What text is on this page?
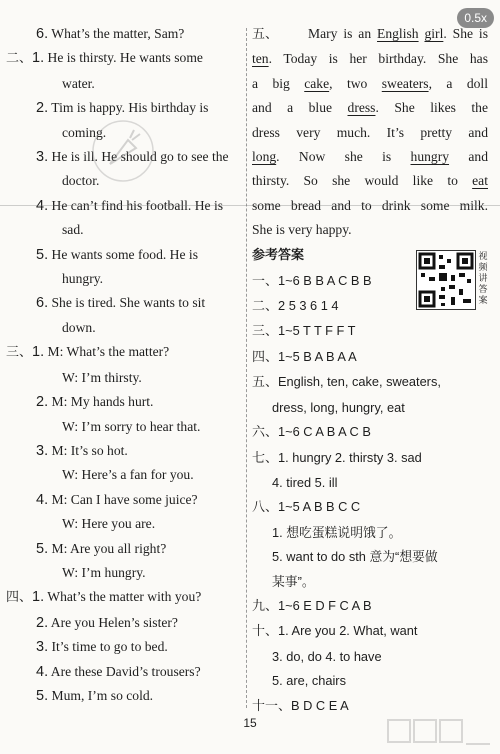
0.5x
6. What’s the matter, Sam?
二、1. He is thirsty. He wants some
water.
2. Tim is happy. His birthday is
coming.
3. He is ill. He should go to see the
doctor.
4. He can’t find his football. He is
sad.
5. He wants some food. He is
hungry.
6. She is tired. She wants to sit
down.
三、1. M: What’s the matter?
W: I’m thirsty.
2. M: My hands hurt.
W: I’m sorry to hear that.
3. M: It’s so hot.
W: Here’s a fan for you.
4. M: Can I have some juice?
W: Here you are.
5. M: Are you all right?
W: I’m hungry.
四、1. What’s the matter with you?
2. Are you Helen’s sister?
3. It’s time to go to bed.
4. Are these David’s trousers?
5. Mum, I’m so cold.
五、 Mary is an English girl. She is
ten. Today is her birthday. She has
a big cake, two sweaters, a doll
and a blue dress. She likes the
dress very much. It’s pretty and
long. Now she is hungry and
thirsty. So she would like to eat
some bread and to drink some milk.
She is very happy.
参考答案
一、1~6 B B A C B B
二、2 5 3 6 1 4
三、1~5 T T F F T
四、1~5 B A B A A
五、English, ten, cake, sweaters,
dress, long, hungry, eat
六、1~6 C A B A C B
七、1. hungry 2. thirsty 3. sad
4. tired 5. ill
八、1~5 A B B C C
1. 想吃蛋糕说明饿了。
5. want to do sth 意为“想要做
某事”。
九、1~6 E D F C A B
十、1. Are you 2. What, want
3. do, do 4. to have
5. are, chairs
十一、B D C E A
视频讲答案
15
